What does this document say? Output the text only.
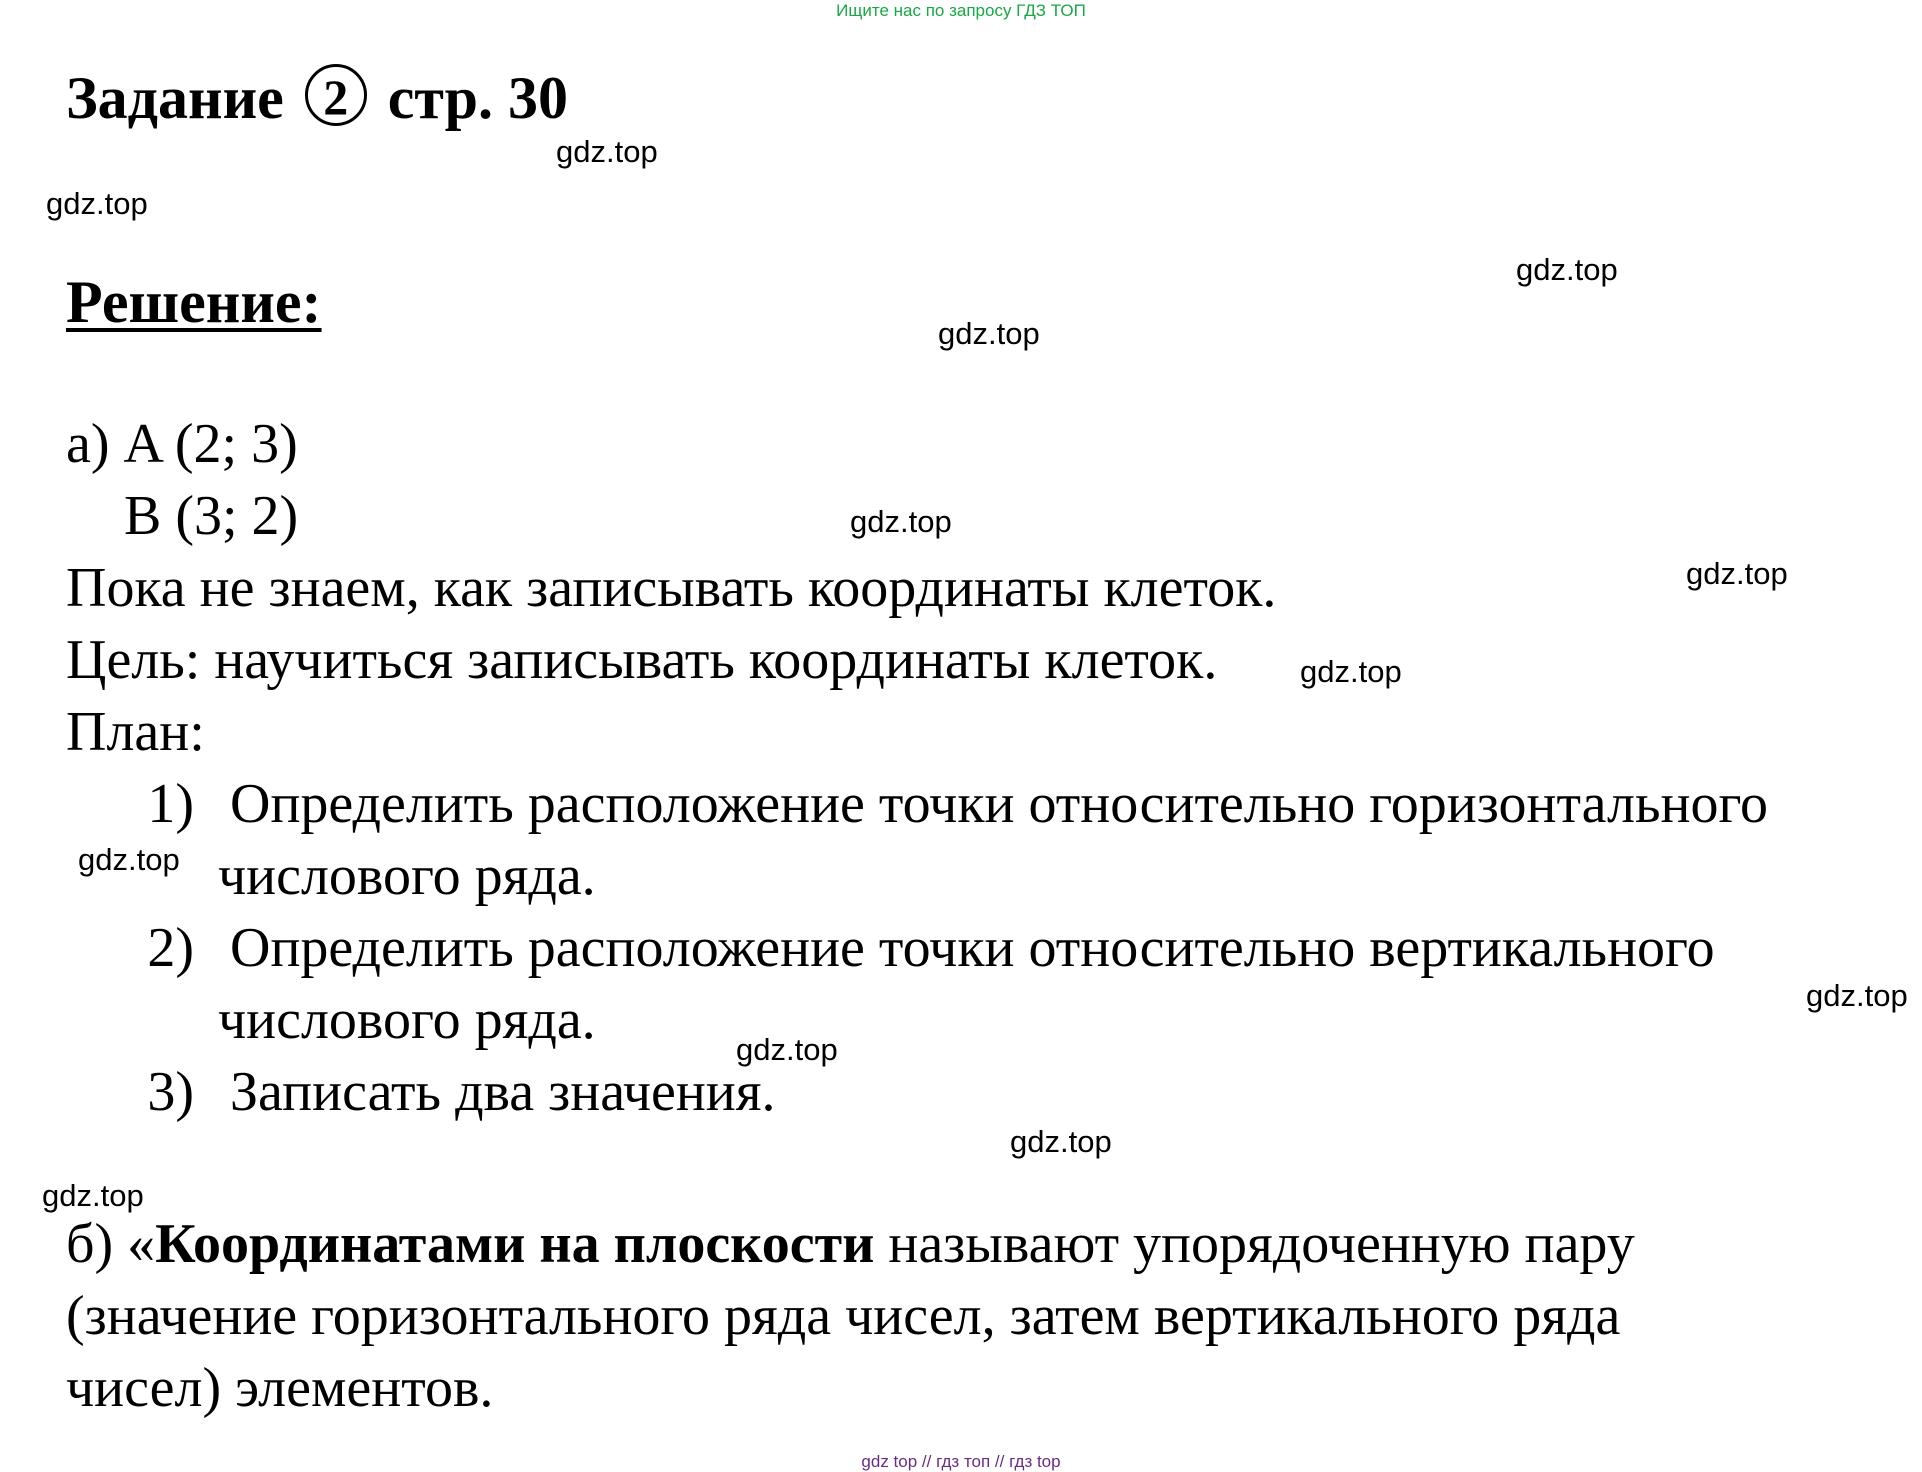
Ищите нас по запросу ГДЗ ТОП
Задание 2 стр. 30
Решение:
а) A (2; 3)
B (3; 2)
Пока не знаем, как записывать координаты клеток.
Цель: научиться записывать координаты клеток.
План:
1) Определить расположение точки относительно горизонтального
числового ряда.
2) Определить расположение точки относительно вертикального
числового ряда.
3) Записать два значения.
б) «Координатами на плоскости называют упорядоченную пару
(значение горизонтального ряда чисел, затем вертикального ряда
чисел) элементов.
gdz.top
gdz.top
gdz.top
gdz.top
gdz.top
gdz.top
gdz.top
gdz.top
gdz.top
gdz.top
gdz.top
gdz.top
gdz top // гдз топ // гдз top
